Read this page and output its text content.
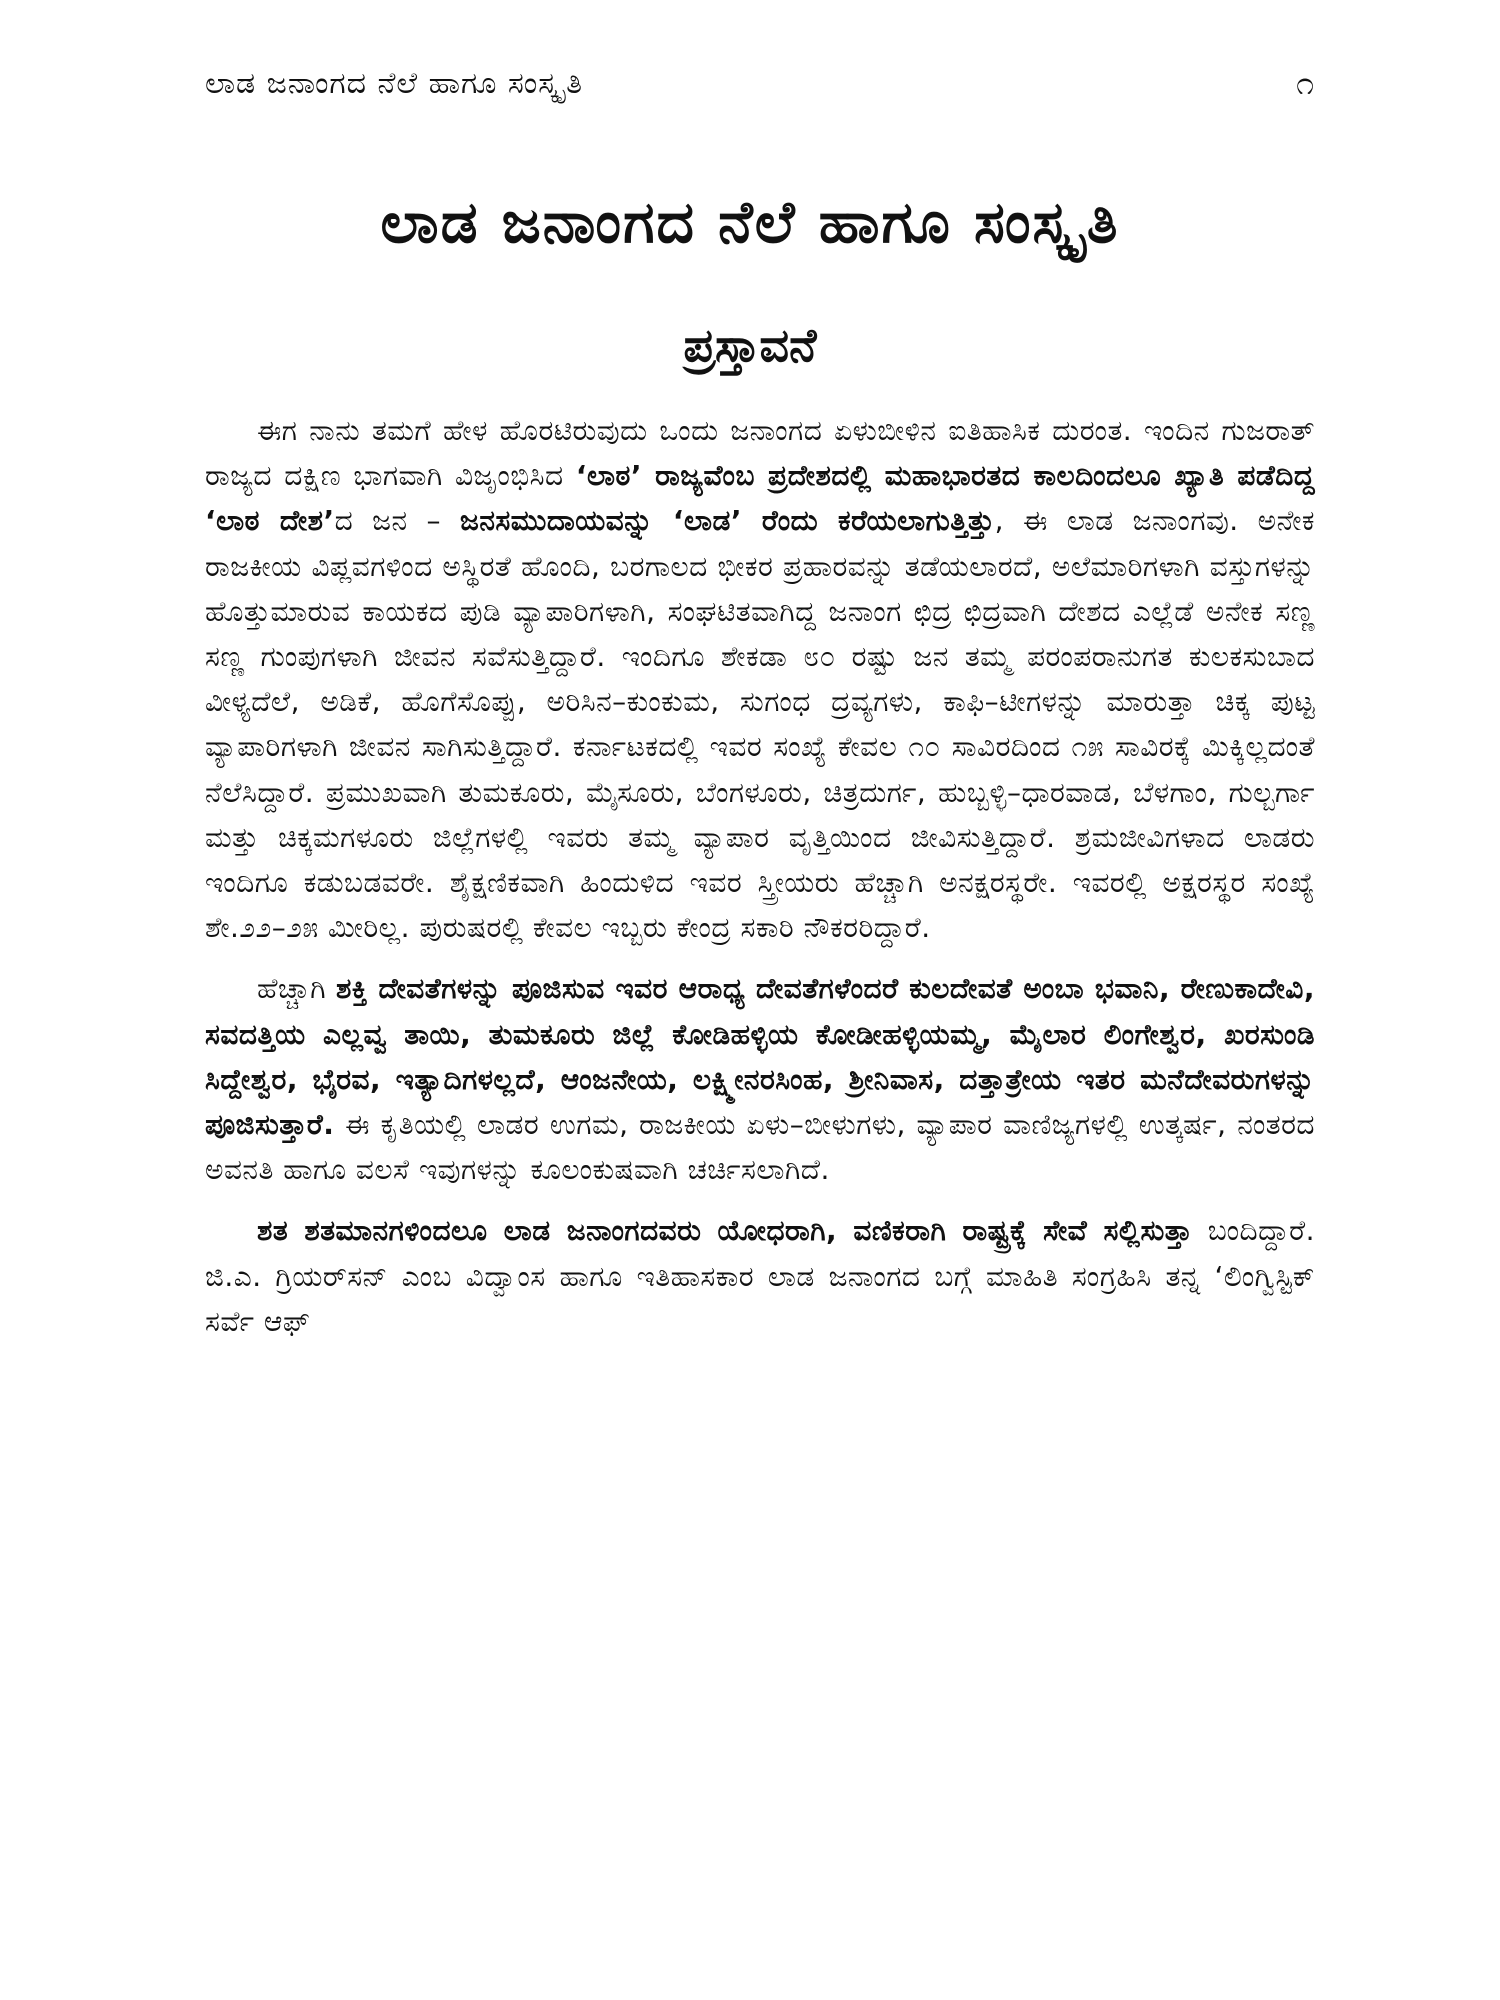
ಲಾಡ ಜನಾಂಗದ ನೆಲೆ ಹಾಗೂ ಸಂಸ್ಕೃತಿ	೧
ಲಾಡ ಜನಾಂಗದ ನೆಲೆ ಹಾಗೂ ಸಂಸ್ಕೃತಿ
ಪ್ರಸ್ತಾವನೆ

ಈಗ ನಾನು ತಮಗೆ ಹೇಳ ಹೊರಟಿರುವುದು ಒಂದು ಜನಾಂಗದ ಏಳುಬೀಳಿನ ಐತಿಹಾಸಿಕ ದುರಂತ. ಇಂದಿನ ಗುಜರಾತ್ ರಾಜ್ಯದ ದಕ್ಷಿಣ ಭಾಗವಾಗಿ ವಿಜೃಂಭಿಸಿದ ‘ಲಾಠ’ ರಾಜ್ಯವೆಂಬ ಪ್ರದೇಶದಲ್ಲಿ ಮಹಾಭಾರತದ ಕಾಲದಿಂದಲೂ ಖ್ಯಾತಿ ಪಡೆದಿದ್ದ ‘ಲಾಠ ದೇಶ’ದ ಜನ – ಜನಸಮುದಾಯವನ್ನು ‘ಲಾಡ’ ರೆಂದು ಕರೆಯಲಾಗುತ್ತಿತ್ತು, ಈ ಲಾಡ ಜನಾಂಗವು. ಅನೇಕ ರಾಜಕೀಯ ವಿಪ್ಲವಗಳಿಂದ ಅಸ್ಥಿರತೆ ಹೊಂದಿ, ಬರಗಾಲದ ಭೀಕರ ಪ್ರಹಾರವನ್ನು ತಡೆಯಲಾರದೆ, ಅಲೆಮಾರಿಗಳಾಗಿ ವಸ್ತುಗಳನ್ನು ಹೊತ್ತುಮಾರುವ ಕಾಯಕದ ಪುಡಿ ವ್ಯಾಪಾರಿಗಳಾಗಿ, ಸಂಘಟಿತವಾಗಿದ್ದ ಜನಾಂಗ ಛಿದ್ರ ಛಿದ್ರವಾಗಿ ದೇಶದ ಎಲ್ಲೆಡೆ ಅನೇಕ ಸಣ್ಣ ಸಣ್ಣ ಗುಂಪುಗಳಾಗಿ ಜೀವನ ಸವೆಸುತ್ತಿದ್ದಾರೆ. ಇಂದಿಗೂ ಶೇಕಡಾ ೮೦ ರಷ್ಟು ಜನ ತಮ್ಮ ಪರಂಪರಾನುಗತ ಕುಲಕಸುಬಾದ ವೀಳ್ಯದೆಲೆ, ಅಡಿಕೆ, ಹೊಗೆಸೊಪ್ಪು, ಅರಿಸಿನ–ಕುಂಕುಮ, ಸುಗಂಧ ದ್ರವ್ಯಗಳು, ಕಾಫಿ–ಟೀಗಳನ್ನು ಮಾರುತ್ತಾ ಚಿಕ್ಕ ಪುಟ್ಟ ವ್ಯಾಪಾರಿಗಳಾಗಿ ಜೀವನ ಸಾಗಿಸುತ್ತಿದ್ದಾರೆ. ಕರ್ನಾಟಕದಲ್ಲಿ ಇವರ ಸಂಖ್ಯೆ ಕೇವಲ ೧೦ ಸಾವಿರದಿಂದ ೧೫ ಸಾವಿರಕ್ಕೆ ಮಿಕ್ಕಿಲ್ಲದಂತೆ ನೆಲೆಸಿದ್ದಾರೆ. ಪ್ರಮುಖವಾಗಿ ತುಮಕೂರು, ಮೈಸೂರು, ಬೆಂಗಳೂರು, ಚಿತ್ರದುರ್ಗ, ಹುಬ್ಬಳ್ಳಿ–ಧಾರವಾಡ, ಬೆಳಗಾಂ, ಗುಲ್ಬರ್ಗಾ ಮತ್ತು ಚಿಕ್ಕಮಗಳೂರು ಜಿಲ್ಲೆಗಳಲ್ಲಿ ಇವರು ತಮ್ಮ ವ್ಯಾಪಾರ ವೃತ್ತಿಯಿಂದ ಜೀವಿಸುತ್ತಿದ್ದಾರೆ. ಶ್ರಮಜೀವಿಗಳಾದ ಲಾಡರು ಇಂದಿಗೂ ಕಡುಬಡವರೇ. ಶೈಕ್ಷಣಿಕವಾಗಿ ಹಿಂದುಳಿದ ಇವರ ಸ್ತ್ರೀಯರು ಹೆಚ್ಚಾಗಿ ಅನಕ್ಷರಸ್ಥರೇ. ಇವರಲ್ಲಿ ಅಕ್ಷರಸ್ಥರ ಸಂಖ್ಯೆ ಶೇ.೨೨–೨೫ ಮೀರಿಲ್ಲ. ಪುರುಷರಲ್ಲಿ ಕೇವಲ ಇಬ್ಬರು ಕೇಂದ್ರ ಸಕಾರಿ ನೌಕರರಿದ್ದಾರೆ.

ಹೆಚ್ಚಾಗಿ ಶಕ್ತಿ ದೇವತೆಗಳನ್ನು ಪೂಜಿಸುವ ಇವರ ಆರಾಧ್ಯ ದೇವತೆಗಳೆಂದರೆ ಕುಲದೇವತೆ ಅಂಬಾ ಭವಾನಿ, ರೇಣುಕಾದೇವಿ, ಸವದತ್ತಿಯ ಎಲ್ಲವ್ವ ತಾಯಿ, ತುಮಕೂರು ಜಿಲ್ಲೆ ಕೋಡಿಹಳ್ಳಿಯ ಕೋಡೀಹಳ್ಳಿಯಮ್ಮ, ಮೈಲಾರ ಲಿಂಗೇಶ್ವರ, ಖರಸುಂಡಿ ಸಿದ್ದೇಶ್ವರ, ಭೈರವ, ಇತ್ಯಾದಿಗಳಲ್ಲದೆ, ಆಂಜನೇಯ, ಲಕ್ಷ್ಮೀನರಸಿಂಹ, ಶ್ರೀನಿವಾಸ, ದತ್ತಾತ್ರೇಯ ಇತರ ಮನೆದೇವರುಗಳನ್ನು ಪೂಜಿಸುತ್ತಾರೆ. ಈ ಕೃತಿಯಲ್ಲಿ ಲಾಡರ ಉಗಮ, ರಾಜಕೀಯ ಏಳು–ಬೀಳುಗಳು, ವ್ಯಾಪಾರ ವಾಣಿಜ್ಯಗಳಲ್ಲಿ ಉತ್ಕರ್ಷ, ನಂತರದ ಅವನತಿ ಹಾಗೂ ವಲಸೆ ಇವುಗಳನ್ನು ಕೂಲಂಕುಷವಾಗಿ ಚರ್ಚಿಸಲಾಗಿದೆ.

ಶತ ಶತಮಾನಗಳಿಂದಲೂ ಲಾಡ ಜನಾಂಗದವರು ಯೋಧರಾಗಿ, ವಣಿಕರಾಗಿ ರಾಷ್ಟ್ರಕ್ಕೆ ಸೇವೆ ಸಲ್ಲಿಸುತ್ತಾ ಬಂದಿದ್ದಾರೆ. ಜಿ.ಎ. ಗ್ರಿಯರ್‌ಸನ್ ಎಂಬ ವಿದ್ವಾಂಸ ಹಾಗೂ ಇತಿಹಾಸಕಾರ ಲಾಡ ಜನಾಂಗದ ಬಗ್ಗೆ ಮಾಹಿತಿ ಸಂಗ್ರಹಿಸಿ ತನ್ನ ‘ಲಿಂಗ್ವಿಸ್ಟಿಕ್ ಸರ್ವೆ ಆಫ್
